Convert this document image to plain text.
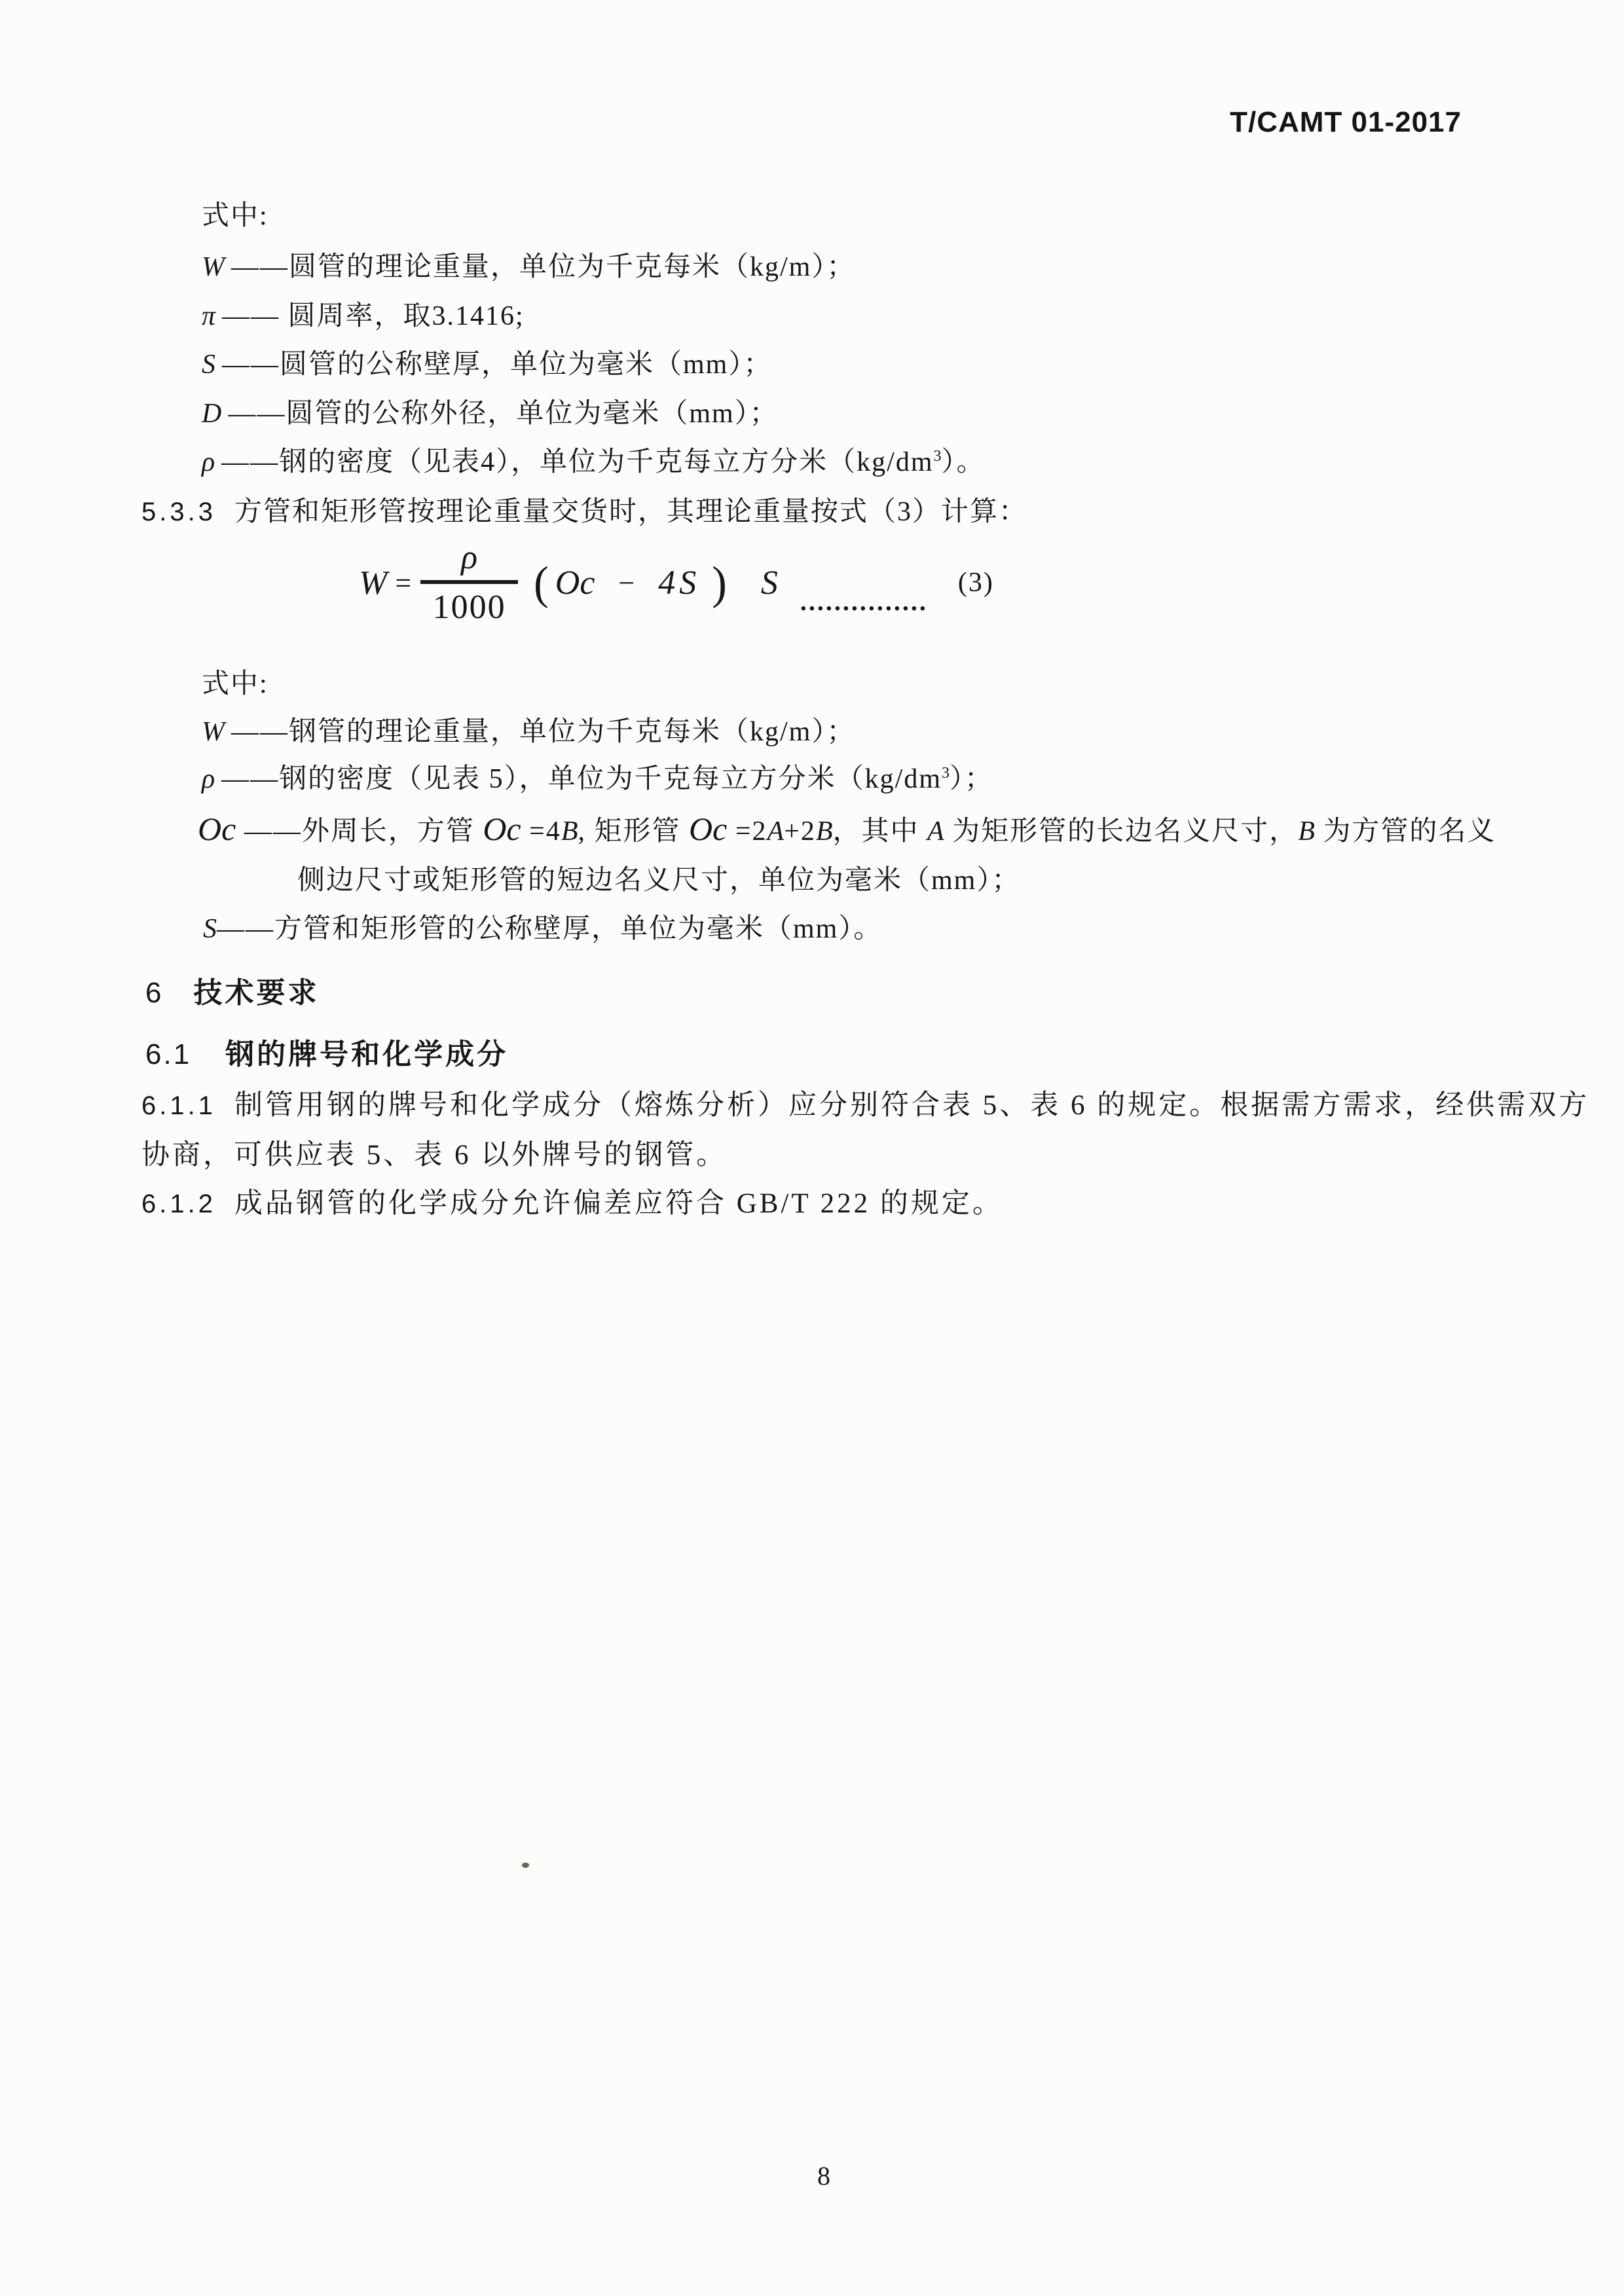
T/CAMT 01-2017
式中:
W ——圆管的理论重量，单位为千克每米（kg/m）；
π —— 圆周率，取3.1416;
S ——圆管的公称壁厚，单位为毫米（mm）；
D ——圆管的公称外径，单位为毫米（mm）；
ρ ——钢的密度（见表4），单位为千克每立方分米$(kg/dm^3)$。
5.3.3 方管和矩形管按理论重量交货时，其理论重量按式（3）计算：
$W = \frac{\rho}{1000}$ ( Oc − 4S ) S ...............
(3)
式中:
W ——钢管的理论重量，单位为千克每米（kg/m）；
ρ ——钢的密度（见表 5），单位为千克每立方分米$(kg/dm^3)$；
Oc ——外周长，方管 Oc =4B, 矩形管 Oc =2A+2B，其中 A 为矩形管的长边名义尺寸，B 为方管的名义
侧边尺寸或矩形管的短边名义尺寸，单位为毫米（mm）；
S——方管和矩形管的公称壁厚，单位为毫米（mm）。
6 技术要求
6.1 钢的牌号和化学成分
6.1.1 制管用钢的牌号和化学成分（熔炼分析）应分别符合表 5、表 6 的规定。根据需方需求，经供需双方
协商，可供应表 5、表 6 以外牌号的钢管。
6.1.2 成品钢管的化学成分允许偏差应符合 GB/T 222 的规定。
8
